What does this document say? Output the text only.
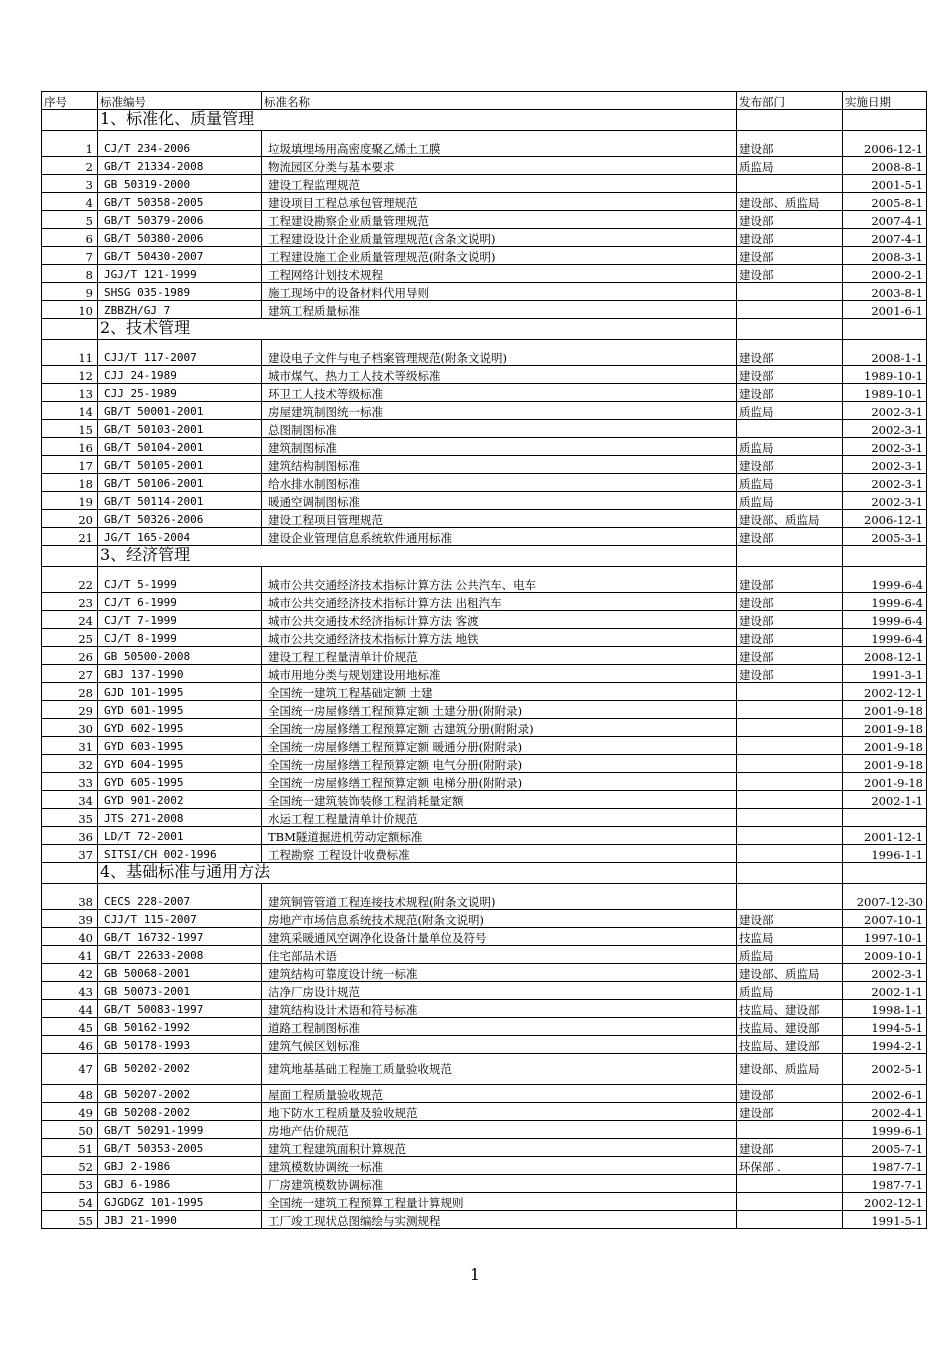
序号	标准编号	标准名称	发布部门	实施日期
	1、标准化、质量管理			
1	CJ/T 234-2006	垃圾填埋场用高密度聚乙烯土工膜	建设部	2006-12-1
2	GB/T 21334-2008	物流园区分类与基本要求	质监局	2008-8-1
3	GB 50319-2000	建设工程监理规范		2001-5-1
4	GB/T 50358-2005	建设项目工程总承包管理规范	建设部、质监局	2005-8-1
5	GB/T 50379-2006	工程建设勘察企业质量管理规范	建设部	2007-4-1
6	GB/T 50380-2006	工程建设设计企业质量管理规范(含条文说明)	建设部	2007-4-1
7	GB/T 50430-2007	工程建设施工企业质量管理规范(附条文说明)	建设部	2008-3-1
8	JGJ/T 121-1999	工程网络计划技术规程	建设部	2000-2-1
9	SHSG 035-1989	施工现场中的设备材料代用导则		2003-8-1
10	ZBBZH/GJ 7	建筑工程质量标准		2001-6-1
	2、技术管理			
11	CJJ/T 117-2007	建设电子文件与电子档案管理规范(附条文说明)	建设部	2008-1-1
12	CJJ 24-1989	城市煤气、热力工人技术等级标准	建设部	1989-10-1
13	CJJ 25-1989	环卫工人技术等级标准	建设部	1989-10-1
14	GB/T 50001-2001	房屋建筑制图统一标准	质监局	2002-3-1
15	GB/T 50103-2001	总图制图标准		2002-3-1
16	GB/T 50104-2001	建筑制图标准	质监局	2002-3-1
17	GB/T 50105-2001	建筑结构制图标准	建设部	2002-3-1
18	GB/T 50106-2001	给水排水制图标准	质监局	2002-3-1
19	GB/T 50114-2001	暖通空调制图标准	质监局	2002-3-1
20	GB/T 50326-2006	建设工程项目管理规范	建设部、质监局	2006-12-1
21	JG/T 165-2004	建设企业管理信息系统软件通用标准	建设部	2005-3-1
	3、经济管理			
22	CJ/T 5-1999	城市公共交通经济技术指标计算方法 公共汽车、电车	建设部	1999-6-4
23	CJ/T 6-1999	城市公共交通经济技术指标计算方法 出租汽车	建设部	1999-6-4
24	CJ/T 7-1999	城市公共交通技术经济指标计算方法 客渡	建设部	1999-6-4
25	CJ/T 8-1999	城市公共交通经济技术指标计算方法 地铁	建设部	1999-6-4
26	GB 50500-2008	建设工程工程量清单计价规范	建设部	2008-12-1
27	GBJ 137-1990	城市用地分类与规划建设用地标准	建设部	1991-3-1
28	GJD 101-1995	全国统一建筑工程基础定额 土建		2002-12-1
29	GYD 601-1995	全国统一房屋修缮工程预算定额 土建分册(附附录)		2001-9-18
30	GYD 602-1995	全国统一房屋修缮工程预算定额 古建筑分册(附附录)		2001-9-18
31	GYD 603-1995	全国统一房屋修缮工程预算定额 暖通分册(附附录)		2001-9-18
32	GYD 604-1995	全国统一房屋修缮工程预算定额 电气分册(附附录)		2001-9-18
33	GYD 605-1995	全国统一房屋修缮工程预算定额 电梯分册(附附录)		2001-9-18
34	GYD 901-2002	全国统一建筑装饰装修工程消耗量定额		2002-1-1
35	JTS 271-2008	水运工程工程量清单计价规范		
36	LD/T 72-2001	TBM隧道掘进机劳动定额标准		2001-12-1
37	SITSI/CH 002-1996	工程勘察 工程设计收费标准		1996-1-1
	4、基础标准与通用方法			
38	CECS 228-2007	建筑铜管管道工程连接技术规程(附条文说明)		2007-12-30
39	CJJ/T 115-2007	房地产市场信息系统技术规范(附条文说明)	建设部	2007-10-1
40	GB/T 16732-1997	建筑采暖通风空调净化设备计量单位及符号	技监局	1997-10-1
41	GB/T 22633-2008	住宅部品术语	质监局	2009-10-1
42	GB 50068-2001	建筑结构可靠度设计统一标准	建设部、质监局	2002-3-1
43	GB 50073-2001	洁净厂房设计规范	质监局	2002-1-1
44	GB/T 50083-1997	建筑结构设计术语和符号标准	技监局、建设部	1998-1-1
45	GB 50162-1992	道路工程制图标准	技监局、建设部	1994-5-1
46	GB 50178-1993	建筑气候区划标准	技监局、建设部	1994-2-1
47	GB 50202-2002	建筑地基基础工程施工质量验收规范	建设部、质监局	2002-5-1
48	GB 50207-2002	屋面工程质量验收规范	建设部	2002-6-1
49	GB 50208-2002	地下防水工程质量及验收规范	建设部	2002-4-1
50	GB/T 50291-1999	房地产估价规范		1999-6-1
51	GB/T 50353-2005	建筑工程建筑面积计算规范	建设部	2005-7-1
52	GBJ 2-1986	建筑模数协调统一标准	环保部 .	1987-7-1
53	GBJ 6-1986	厂房建筑模数协调标准		1987-7-1
54	GJGDGZ 101-1995	全国统一建筑工程预算工程量计算规则		2002-12-1
55	JBJ 21-1990	工厂竣工现状总图编绘与实测规程		1991-5-1
1
